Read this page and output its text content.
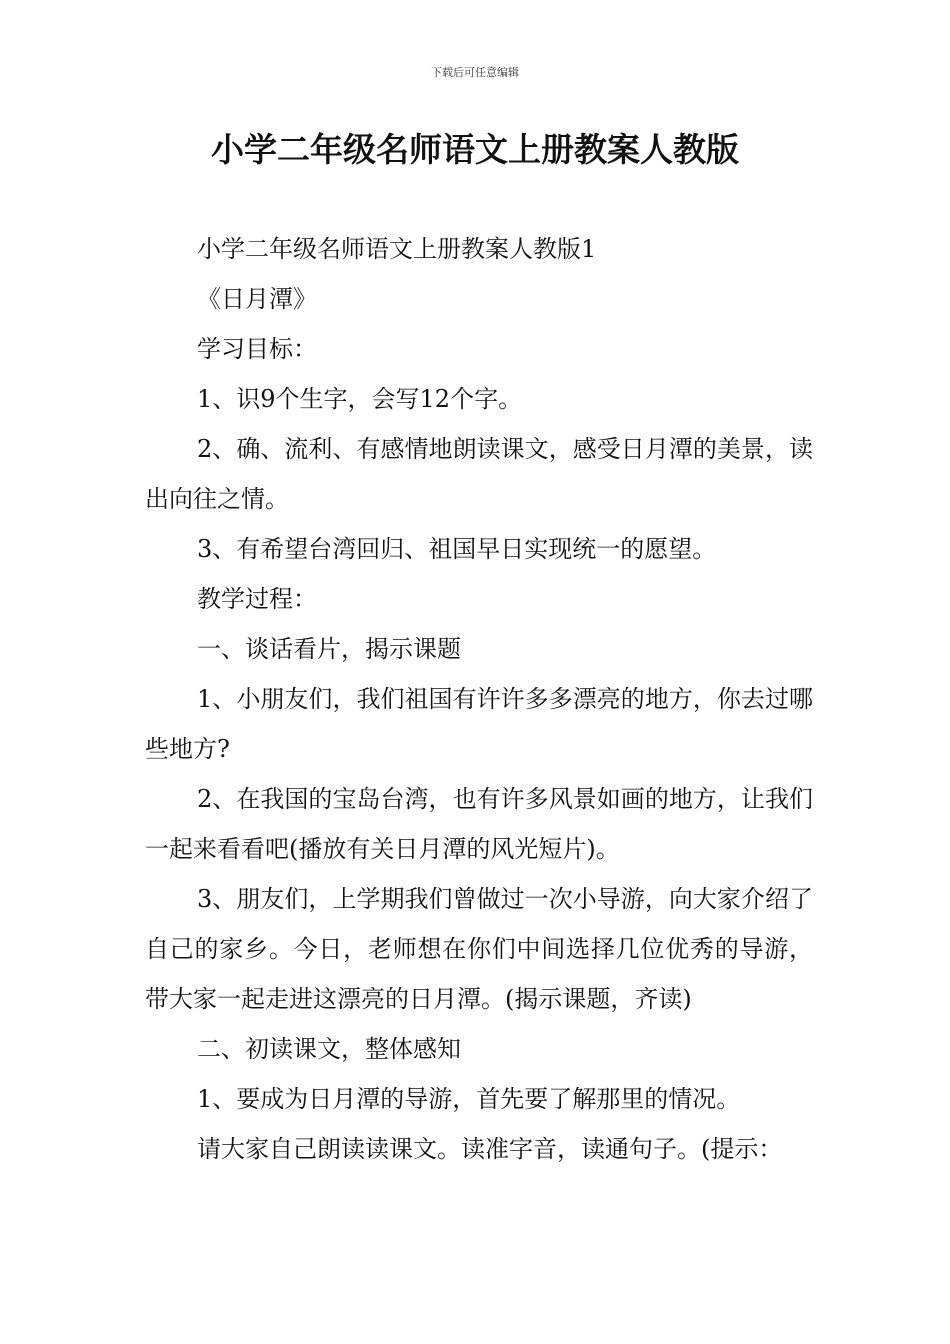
下载后可任意编辑
小学二年级名师语文上册教案人教版

小学二年级名师语文上册教案人教版1

《日月潭》

学习目标：

1、识9个生字，会写12个字。

2、确、流利、有感情地朗读课文，感受日月潭的美景，读出向往之情。

3、有希望台湾回归、祖国早日实现统一的愿望。

教学过程：

一、谈话看片，揭示课题

1、小朋友们，我们祖国有许许多多漂亮的地方，你去过哪些地方?

2、在我国的宝岛台湾，也有许多风景如画的地方，让我们一起来看看吧(播放有关日月潭的风光短片)。

3、朋友们，上学期我们曾做过一次小导游，向大家介绍了自己的家乡。今日，老师想在你们中间选择几位优秀的导游，带大家一起走进这漂亮的日月潭。(揭示课题，齐读)

二、初读课文，整体感知

1、要成为日月潭的导游，首先要了解那里的情况。

请大家自己朗读读课文。读准字音，读通句子。(提示：
